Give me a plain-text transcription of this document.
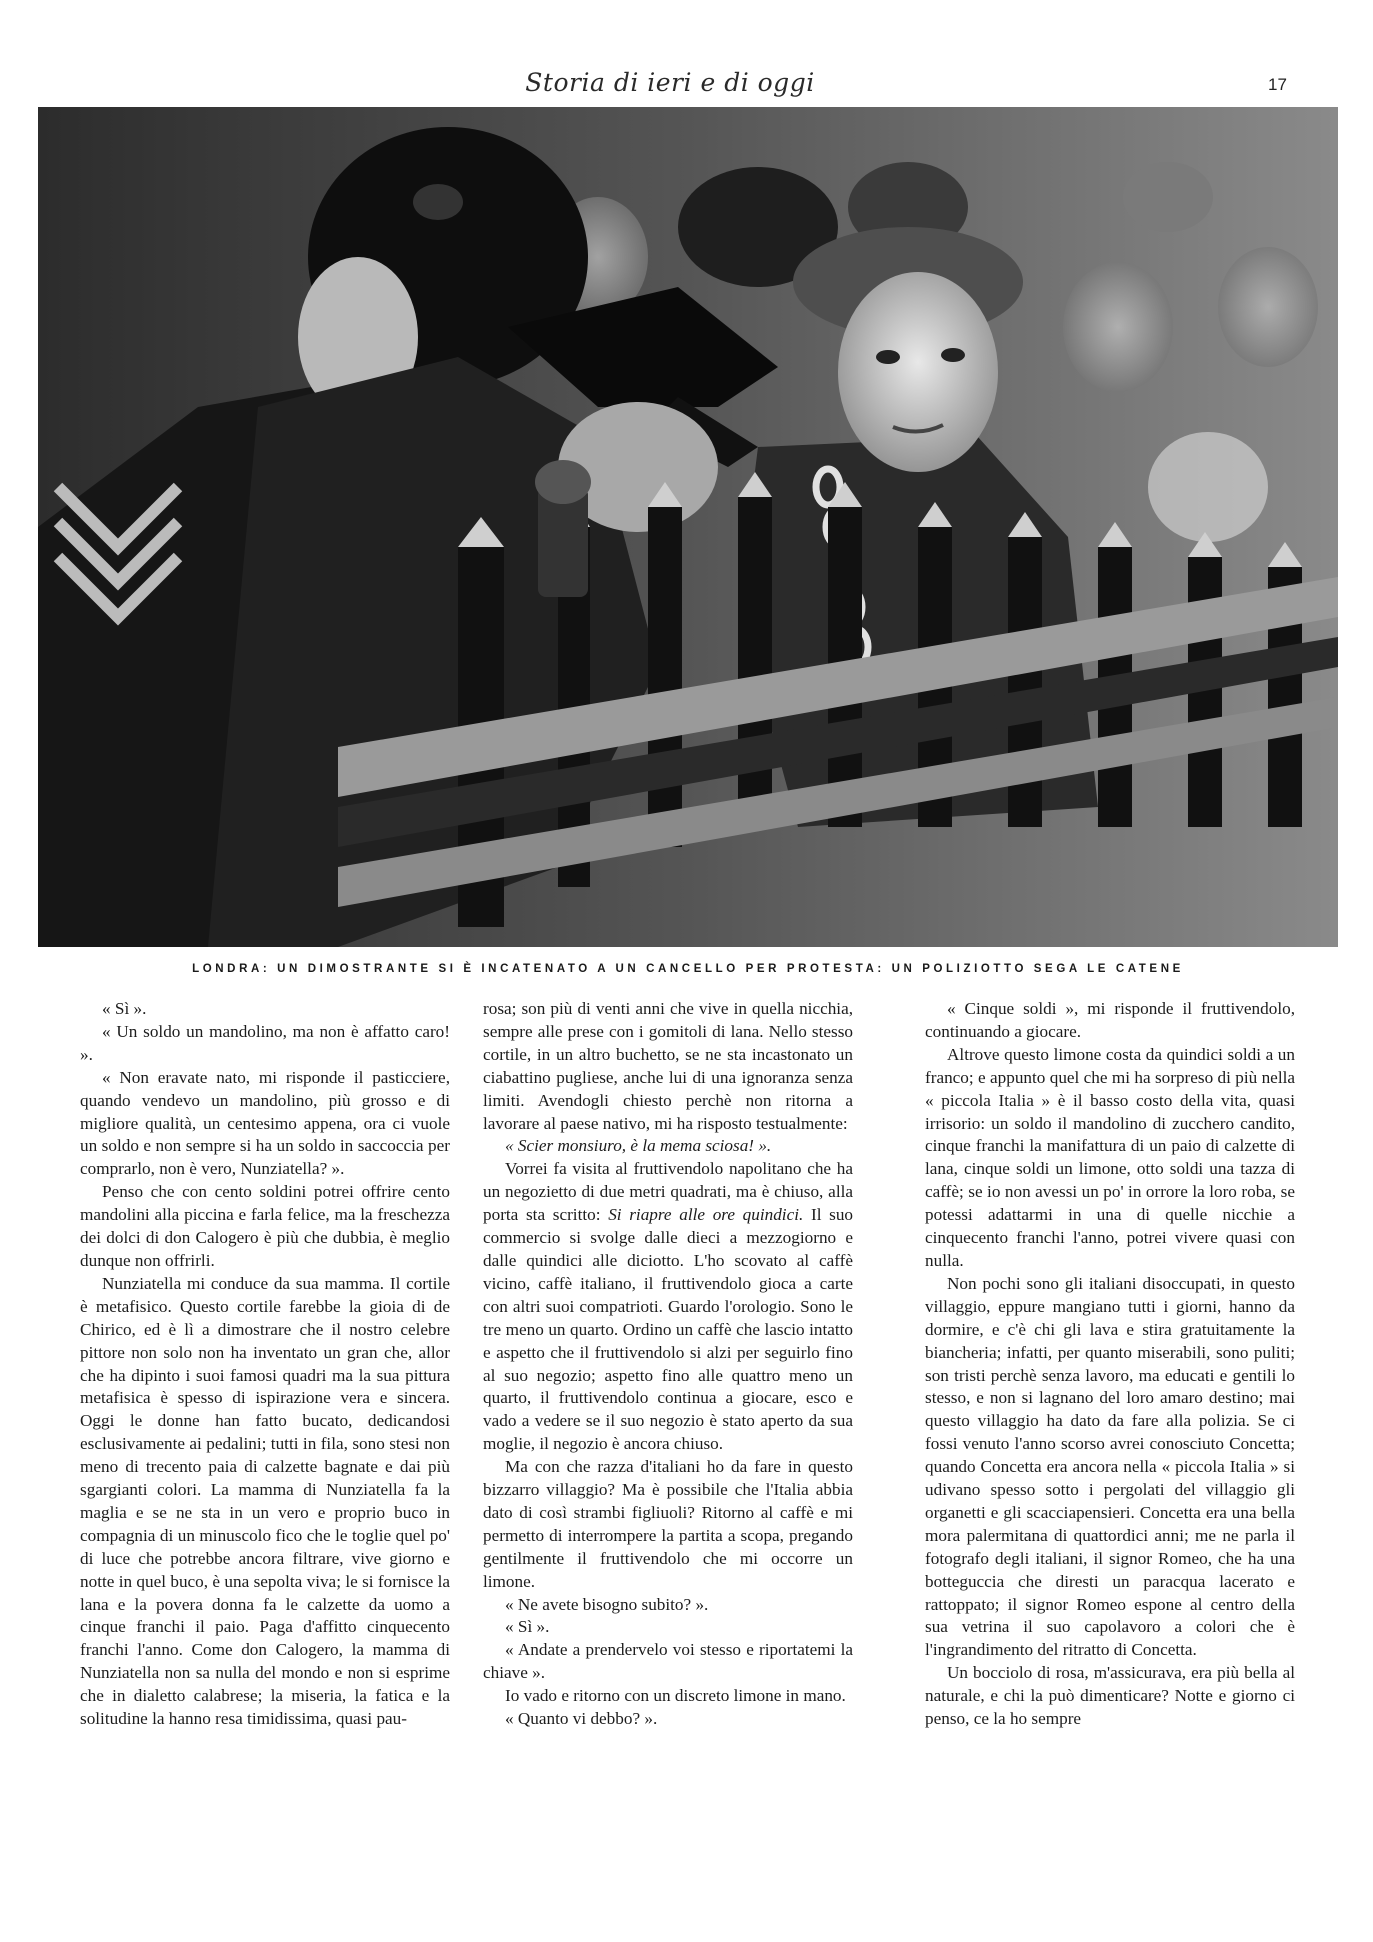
Storia di ieri e di oggi	17
LONDRA: UN DIMOSTRANTE SI È INCATENATO A UN CANCELLO PER PROTESTA: UN POLIZIOTTO SEGA LE CATENE

« Sì ».

« Un soldo un mandolino, ma non è affatto caro! ».

« Non eravate nato, mi risponde il pasticciere, quando vendevo un mandolino, più grosso e di migliore qualità, un centesimo appena, ora ci vuole un soldo e non sempre si ha un soldo in saccoccia per comprarlo, non è vero, Nunziatella? ».

Penso che con cento soldini potrei offrire cento mandolini alla piccina e farla felice, ma la freschezza dei dolci di don Calogero è più che dubbia, è meglio dunque non offrirli.

Nunziatella mi conduce da sua mamma. Il cortile è metafisico. Questo cortile farebbe la gioia di de Chirico, ed è lì a dimostrare che il nostro celebre pittore non solo non ha inventato un gran che, allor che ha dipinto i suoi famosi quadri ma la sua pittura metafisica è spesso di ispirazione vera e sincera. Oggi le donne han fatto bucato, dedicandosi esclusivamente ai pedalini; tutti in fila, sono stesi non meno di trecento paia di calzette bagnate e dai più sgargianti colori. La mamma di Nunziatella fa la maglia e se ne sta in un vero e proprio buco in compagnia di un minuscolo fico che le toglie quel po' di luce che potrebbe ancora filtrare, vive giorno e notte in quel buco, è una sepolta viva; le si fornisce la lana e la povera donna fa le calzette da uomo a cinque franchi il paio. Paga d'affitto cinquecento franchi l'anno. Come don Calogero, la mamma di Nunziatella non sa nulla del mondo e non si esprime che in dialetto calabrese; la miseria, la fatica e la solitudine la hanno resa timidissima, quasi pau-

rosa; son più di venti anni che vive in quella nicchia, sempre alle prese con i gomitoli di lana. Nello stesso cortile, in un altro buchetto, se ne sta incastonato un ciabattino pugliese, anche lui di una ignoranza senza limiti. Avendogli chiesto perchè non ritorna a lavorare al paese nativo, mi ha risposto testualmente:

« Scier monsiuro, è la mema sciosa! ».

Vorrei fa visita al fruttivendolo napolitano che ha un negozietto di due metri quadrati, ma è chiuso, alla porta sta scritto: Si riapre alle ore quindici. Il suo commercio si svolge dalle dieci a mezzogiorno e dalle quindici alle diciotto. L'ho scovato al caffè vicino, caffè italiano, il fruttivendolo gioca a carte con altri suoi compatrioti. Guardo l'orologio. Sono le tre meno un quarto. Ordino un caffè che lascio intatto e aspetto che il fruttivendolo si alzi per seguirlo fino al suo negozio; aspetto fino alle quattro meno un quarto, il fruttivendolo continua a giocare, esco e vado a vedere se il suo negozio è stato aperto da sua moglie, il negozio è ancora chiuso.

Ma con che razza d'italiani ho da fare in questo bizzarro villaggio? Ma è possibile che l'Italia abbia dato di così strambi figliuoli? Ritorno al caffè e mi permetto di interrompere la partita a scopa, pregando gentilmente il fruttivendolo che mi occorre un limone.

« Ne avete bisogno subito? ».

« Sì ».

« Andate a prendervelo voi stesso e riportatemi la chiave ».

Io vado e ritorno con un discreto limone in mano.

« Quanto vi debbo? ».

« Cinque soldi », mi risponde il fruttivendolo, continuando a giocare.

Altrove questo limone costa da quindici soldi a un franco; e appunto quel che mi ha sorpreso di più nella « piccola Italia » è il basso costo della vita, quasi irrisorio: un soldo il mandolino di zucchero candito, cinque franchi la manifattura di un paio di calzette di lana, cinque soldi un limone, otto soldi una tazza di caffè; se io non avessi un po' in orrore la loro roba, se potessi adattarmi in una di quelle nicchie a cinquecento franchi l'anno, potrei vivere quasi con nulla.

Non pochi sono gli italiani disoccupati, in questo villaggio, eppure mangiano tutti i giorni, hanno da dormire, e c'è chi gli lava e stira gratuitamente la biancheria; infatti, per quanto miserabili, sono puliti; son tristi perchè senza lavoro, ma educati e gentili lo stesso, e non si lagnano del loro amaro destino; mai questo villaggio ha dato da fare alla polizia. Se ci fossi venuto l'anno scorso avrei conosciuto Concetta; quando Concetta era ancora nella « piccola Italia » si udivano spesso sotto i pergolati del villaggio gli organetti e gli scacciapensieri. Concetta era una bella mora palermitana di quattordici anni; me ne parla il fotografo degli italiani, il signor Romeo, che ha una botteguccia che diresti un paracqua lacerato e rattoppato; il signor Romeo espone al centro della sua vetrina il suo capolavoro a colori che è l'ingrandimento del ritratto di Concetta.

Un bocciolo di rosa, m'assicurava, era più bella al naturale, e chi la può dimenticare? Notte e giorno ci penso, ce la ho sempre
